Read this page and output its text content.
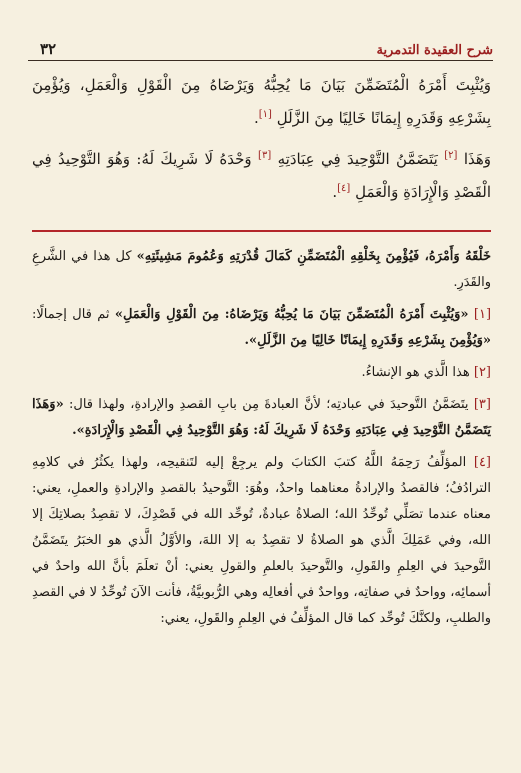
٣٢	شرح العقيدة التدمرية

وَيُثْبِتَ أَمْرَهُ الْمُتَضَمِّنَ بَيَانَ مَا يُحِبُّهُ وَيَرْضَاهُ مِنَ الْقَوْلِ وَالْعَمَلِ، وَيُؤْمِنَ بِشَرْعِهِ وَقَدَرِهِ إِيمَانًا خَالِيًا مِنَ الزَّلَلِ [١].

وَهَذَا [٢] يَتَضَمَّنُ التَّوْحِيدَ فِي عِبَادَتِهِ [٣] وَحْدَهُ لَا شَرِيكَ لَهُ: وَهُوَ التَّوْحِيدُ فِي الْقَصْدِ وَالْإِرَادَةِ وَالْعَمَلِ [٤].

خَلْقَهُ وَأَمْرَهُ، فَيُؤْمِنَ بِخَلْقِهِ الْمُتَضَمِّنِ كَمَالَ قُدْرَتِهِ وَعُمُومَ مَشِيئَتِهِ» كل هذا في الشَّرعِ والقَدَرِ.

[١] «وَيُثْبِتَ أَمْرَهُ الْمُتَضَمِّنَ بَيَانَ مَا يُحِبُّهُ وَيَرْضَاهُ: مِنَ الْقَوْلِ وَالْعَمَلِ» ثم قال إجمالًا: «وَيُؤْمِنَ بِشَرْعِهِ وَقَدَرِهِ إِيمَانًا خَالِيًا مِنَ الزَّلَلِ».

[٢] هذا الَّذي هو الإنشاءُ.

[٣] يتَضَمَّنُ التَّوحيدَ في عبادتِه؛ لأنَّ العبادةَ مِن بابِ القصدِ والإرادةِ، ولهذا قال: «وَهَذَا يَتَضَمَّنُ التَّوْحِيدَ فِي عِبَادَتِهِ وَحْدَهُ لَا شَرِيكَ لَهُ: وَهُوَ التَّوْحِيدُ فِي الْقَصْدِ وَالْإِرَادَةِ».

[٤] المؤلِّفُ رَحِمَهُ اللَّهُ كتبَ الكتابَ ولم يرجِعْ إليه لتَنقيحِه، ولهذا يكثُرُ في كلامِهِ الترادُفُ؛ فالقصدُ والإرادةُ معناهما واحدٌ، وهُوَ: التَّوحيدُ بالقصدِ والإرادةِ والعملِ، يعني: معناه عندما تصَلِّي تُوحِّدُ الله؛ الصلاةُ عبادةٌ، تُوحِّد الله في قَصْدِكَ، لا تقصِدُ بصلاتِكَ إلا الله، وفي عَمَلِكَ الَّذي هو الصلاةُ لا تقصِدُ به إلا اللهَ، والأوَّلُ الَّذي هو الخبَرُ يتَضَمَّنُ التَّوحيدَ في العِلمِ والقَولِ، والتَّوحيدَ بالعلمِ والقولِ يعني: أنْ تعلَمَ بأنَّ الله واحدٌ في أسمائِه، وواحدٌ في صفاتِه، وواحدٌ في أفعالِه وهي الرُّبوبيَّةُ، فأنت الآنَ تُوحِّدُ لا في القصدِ والطلبِ، ولكنَّكَ تُوحِّد كما قال المؤلِّفُ في العِلمِ والقَولِ، يعني:
